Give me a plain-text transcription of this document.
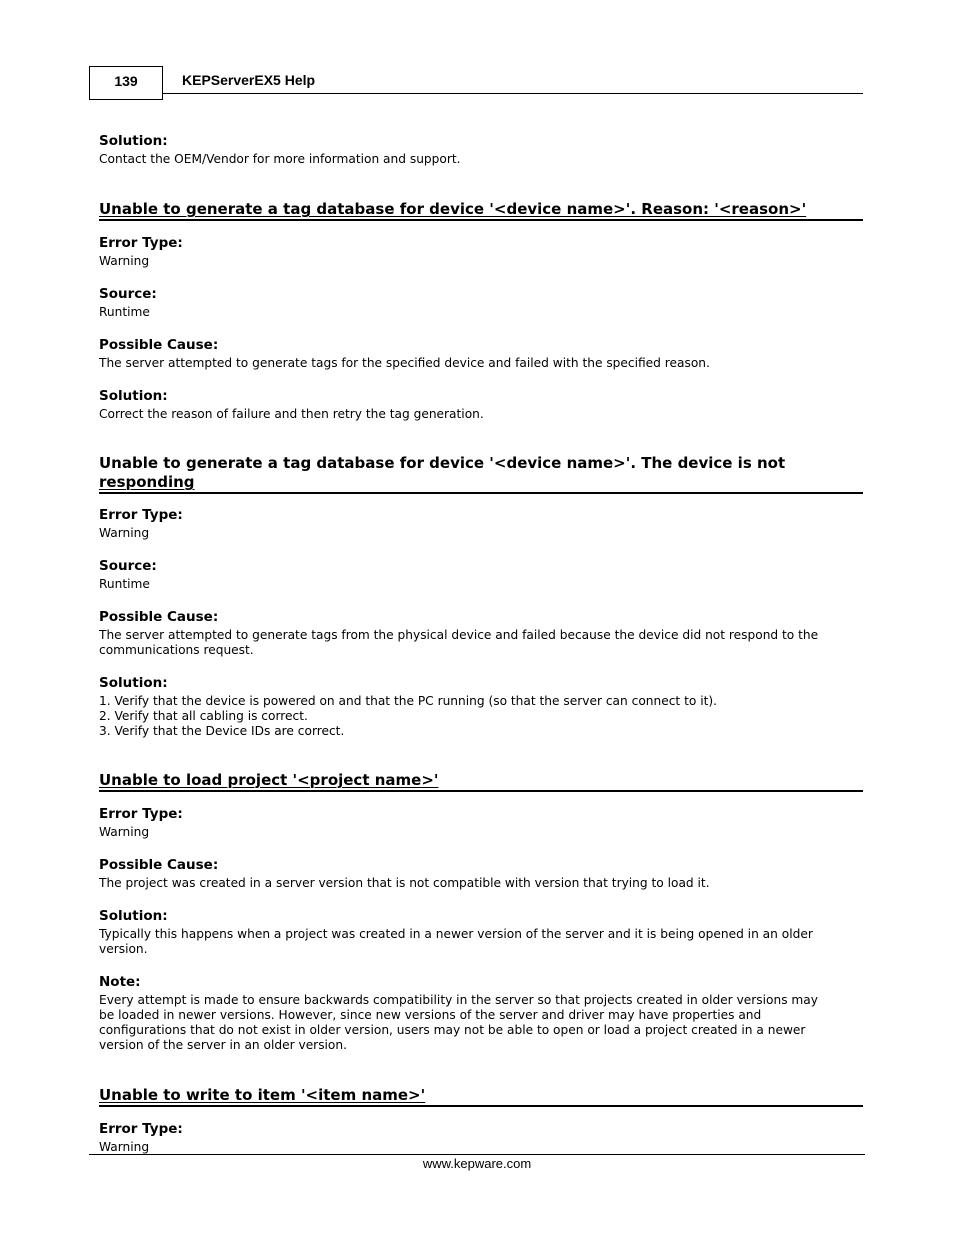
139	KEPServerEX5 Help

Solution:

Contact the OEM/Vendor for more information and support.

Unable to generate a tag database for device '<device name>'. Reason: '<reason>'

Error Type:

Warning

Source:

Runtime

Possible Cause:

The server attempted to generate tags for the specified device and failed with the specified reason.

Solution:

Correct the reason of failure and then retry the tag generation.

Unable to generate a tag database for device '<device name>'. The device is not
responding

Error Type:

Warning

Source:

Runtime

Possible Cause:

The server attempted to generate tags from the physical device and failed because the device did not respond to the
communications request.

Solution:

1. Verify that the device is powered on and that the PC running (so that the server can connect to it).
2. Verify that all cabling is correct.
3. Verify that the Device IDs are correct.

Unable to load project '<project name>'

Error Type:

Warning

Possible Cause:

The project was created in a server version that is not compatible with version that trying to load it.

Solution:

Typically this happens when a project was created in a newer version of the server and it is being opened in an older
version.

Note:

Every attempt is made to ensure backwards compatibility in the server so that projects created in older versions may
be loaded in newer versions. However, since new versions of the server and driver may have properties and
configurations that do not exist in older version, users may not be able to open or load a project created in a newer
version of the server in an older version.

Unable to write to item '<item name>'

Error Type:

Warning

www.kepware.com
